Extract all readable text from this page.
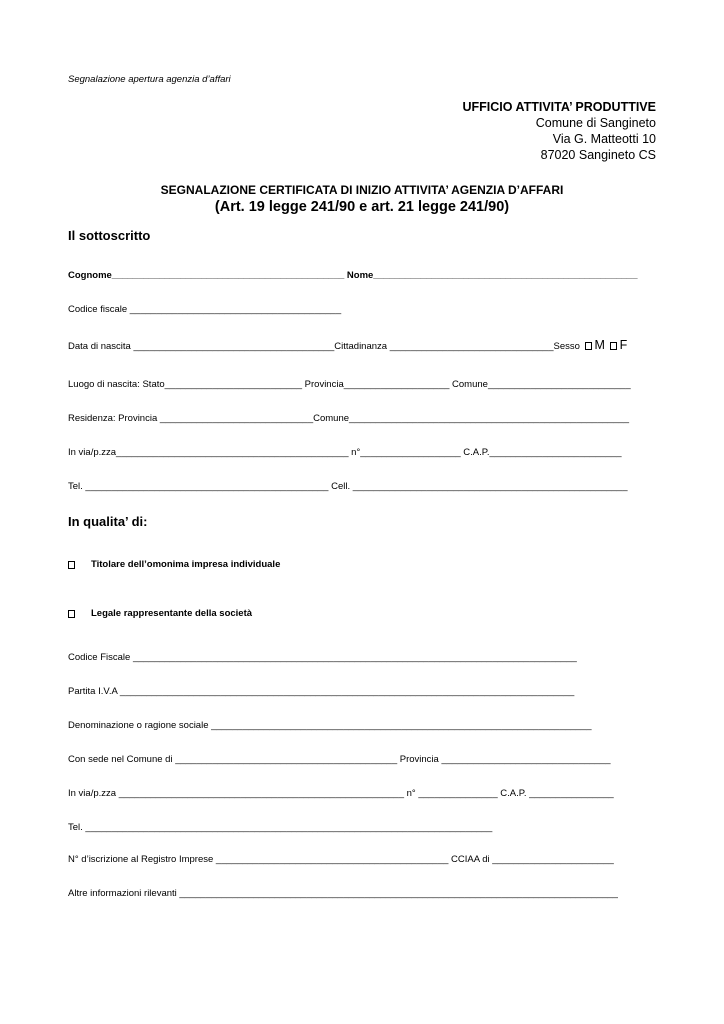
Segnalazione apertura agenzia d’affari
UFFICIO ATTIVITA’ PRODUTTIVE
Comune di Sangineto
Via G. Matteotti 10
87020 Sangineto CS
SEGNALAZIONE CERTIFICATA DI INIZIO ATTIVITA’ AGENZIA D’AFFARI
(Art. 19 legge 241/90 e art. 21 legge 241/90)
Il sottoscritto
Cognome____________________________________________ Nome__________________________________________________
Codice fiscale ________________________________________
Data di nascita ______________________________________Cittadinanza _______________________________Sesso M F
Luogo di nascita: Stato__________________________ Provincia____________________ Comune___________________________
Residenza: Provincia _____________________________Comune_____________________________________________________
In via/p.zza____________________________________________ n°___________________ C.A.P._________________________
Tel. ______________________________________________ Cell. ____________________________________________________
In qualita’ di:
Titolare dell’omonima impresa individuale
Legale rappresentante della società
Codice Fiscale ____________________________________________________________________________________
Partita I.V.A ______________________________________________________________________________________
Denominazione o ragione sociale ________________________________________________________________________
Con sede nel Comune di __________________________________________ Provincia ________________________________
In via/p.zza ______________________________________________________ n° _______________ C.A.P. ________________
Tel. _____________________________________________________________________________
N° d’iscrizione al Registro Imprese ____________________________________________ CCIAA di _______________________
Altre informazioni rilevanti ___________________________________________________________________________________
